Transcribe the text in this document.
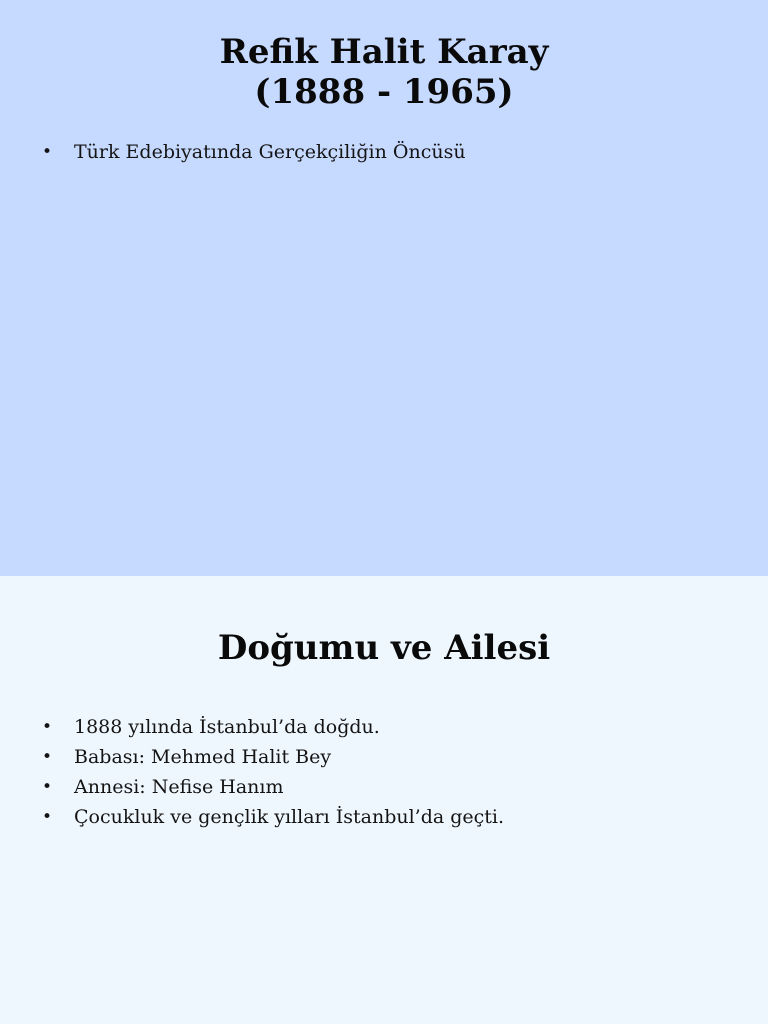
Refik Halit Karay
(1888 - 1965)
• Türk Edebiyatında Gerçekçiliğin Öncüsü
Doğumu ve Ailesi
• 1888 yılında İstanbul’da doğdu.
• Babası: Mehmed Halit Bey
• Annesi: Nefise Hanım
• Çocukluk ve gençlik yılları İstanbul’da geçti.
